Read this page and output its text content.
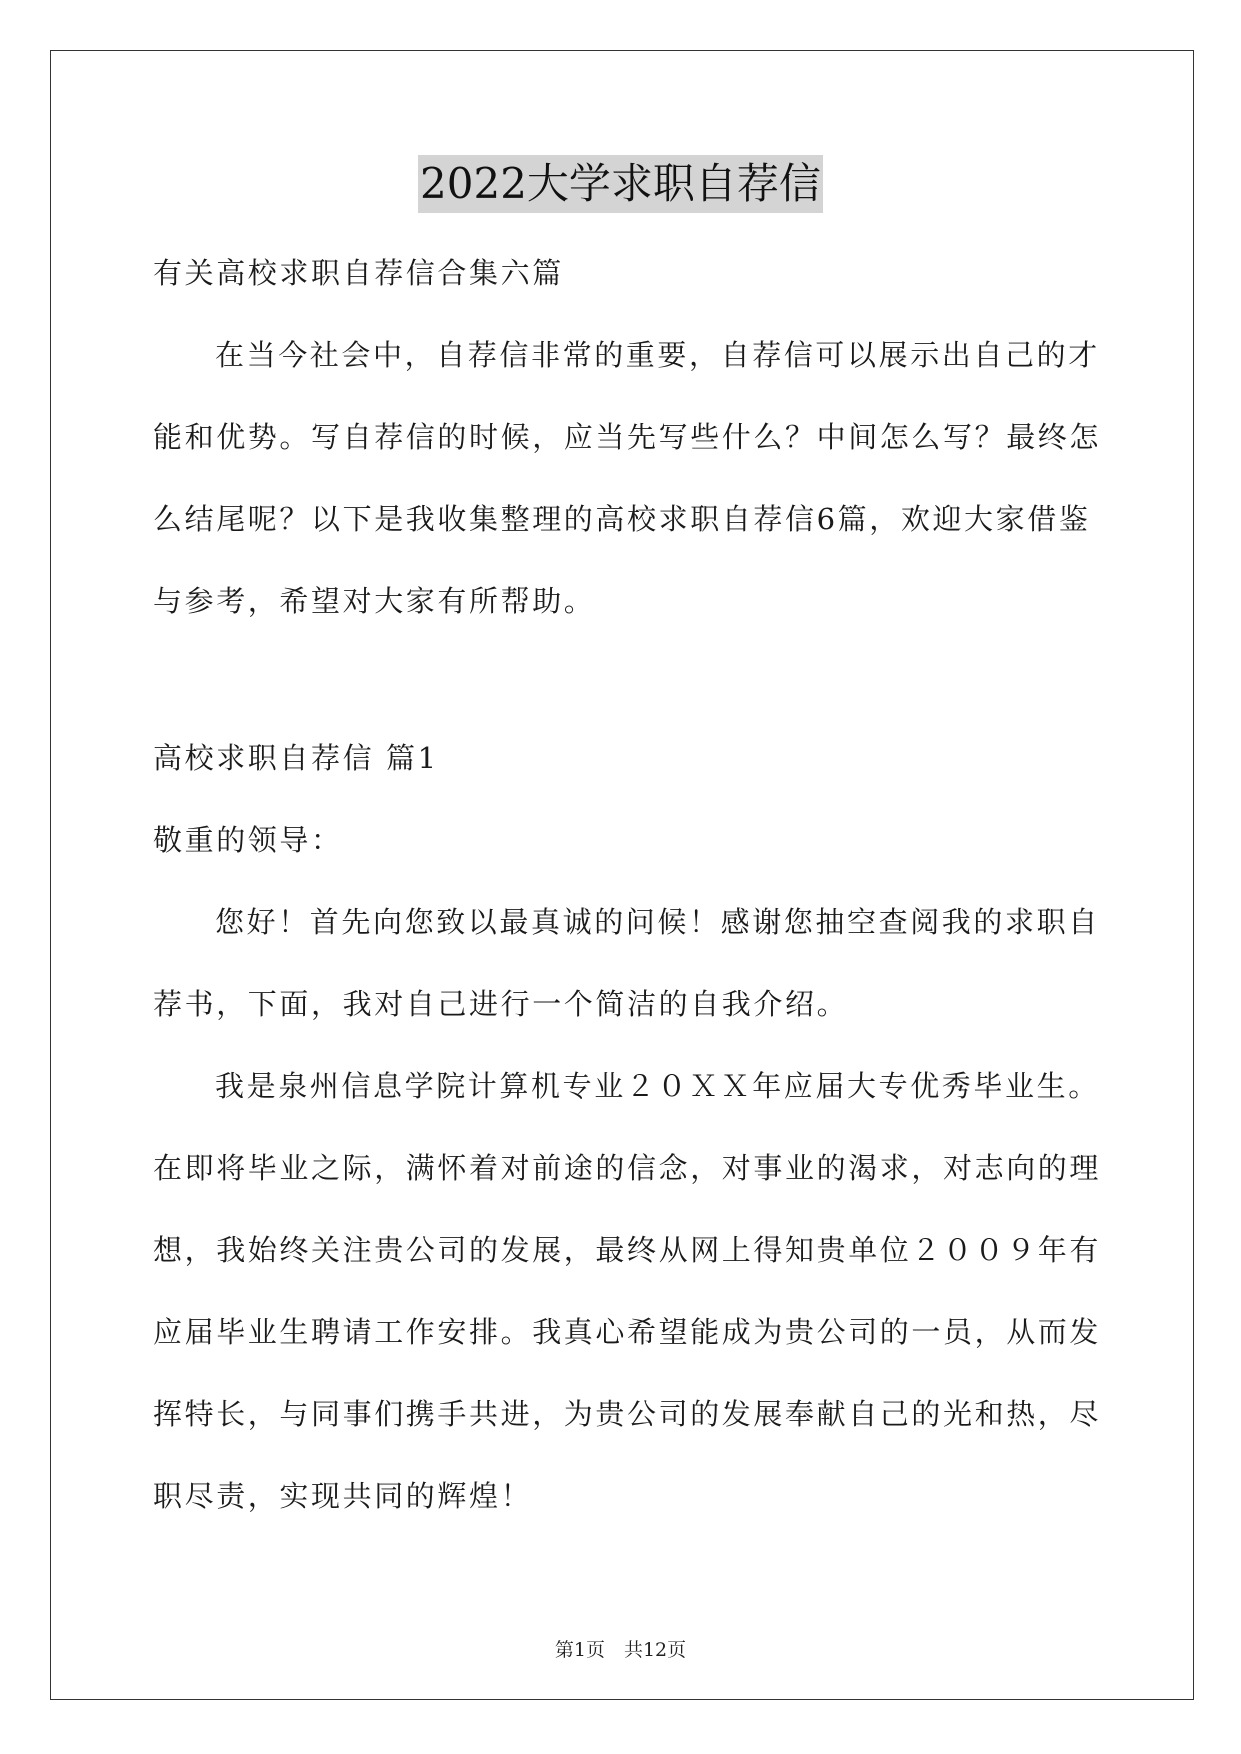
2022大学求职自荐信
有关高校求职自荐信合集六篇
在当今社会中，自荐信非常的重要，自荐信可以展示出自己的才
能和优势。写自荐信的时候，应当先写些什么？中间怎么写？最终怎
么结尾呢？以下是我收集整理的高校求职自荐信6篇，欢迎大家借鉴
与参考，希望对大家有所帮助。
高校求职自荐信 篇1
敬重的领导：
您好！首先向您致以最真诚的问候！感谢您抽空查阅我的求职自
荐书，下面，我对自己进行一个简洁的自我介绍。
我是泉州信息学院计算机专业２０ＸＸ年应届大专优秀毕业生。
在即将毕业之际，满怀着对前途的信念，对事业的渴求，对志向的理
想，我始终关注贵公司的发展，最终从网上得知贵单位２００９年有
应届毕业生聘请工作安排。我真心希望能成为贵公司的一员，从而发
挥特长，与同事们携手共进，为贵公司的发展奉献自己的光和热，尽
职尽责，实现共同的辉煌！
第1页　共12页
